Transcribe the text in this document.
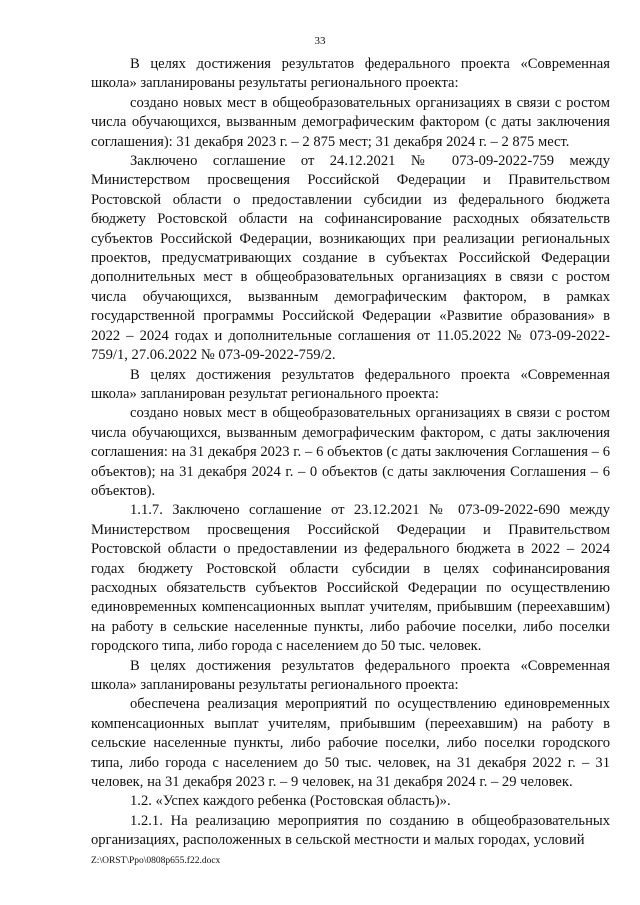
33

В целях достижения результатов федерального проекта «Современная школа» запланированы результаты регионального проекта:

создано новых мест в общеобразовательных организациях в связи с ростом числа обучающихся, вызванным демографическим фактором (с даты заключения соглашения): 31 декабря 2023 г. – 2 875 мест; 31 декабря 2024 г. – 2 875 мест.

Заключено соглашение от 24.12.2021 № 073-09-2022-759 между Министерством просвещения Российской Федерации и Правительством Ростовской области о предоставлении субсидии из федерального бюджета бюджету Ростовской области на софинансирование расходных обязательств субъектов Российской Федерации, возникающих при реализации региональных проектов, предусматривающих создание в субъектах Российской Федерации дополнительных мест в общеобразовательных организациях в связи с ростом числа обучающихся, вызванным демографическим фактором, в рамках государственной программы Российской Федерации «Развитие образования» в 2022 – 2024 годах и дополнительные соглашения от 11.05.2022 № 073-09-2022-759/1, 27.06.2022 № 073-09-2022-759/2.

В целях достижения результатов федерального проекта «Современная школа» запланирован результат регионального проекта:

создано новых мест в общеобразовательных организациях в связи с ростом числа обучающихся, вызванным демографическим фактором, с даты заключения соглашения: на 31 декабря 2023 г. – 6 объектов (с даты заключения Соглашения – 6 объектов); на 31 декабря 2024 г. – 0 объектов (с даты заключения Соглашения – 6 объектов).

1.1.7. Заключено соглашение от 23.12.2021 № 073-09-2022-690 между Министерством просвещения Российской Федерации и Правительством Ростовской области о предоставлении из федерального бюджета в 2022 – 2024 годах бюджету Ростовской области субсидии в целях софинансирования расходных обязательств субъектов Российской Федерации по осуществлению единовременных компенсационных выплат учителям, прибывшим (переехавшим) на работу в сельские населенные пункты, либо рабочие поселки, либо поселки городского типа, либо города с населением до 50 тыс. человек.

В целях достижения результатов федерального проекта «Современная школа» запланированы результаты регионального проекта:

обеспечена реализация мероприятий по осуществлению единовременных компенсационных выплат учителям, прибывшим (переехавшим) на работу в сельские населенные пункты, либо рабочие поселки, либо поселки городского типа, либо города с населением до 50 тыс. человек, на 31 декабря 2022 г. – 31 человек, на 31 декабря 2023 г. – 9 человек, на 31 декабря 2024 г. – 29 человек.

1.2. «Успех каждого ребенка (Ростовская область)».

1.2.1. На реализацию мероприятия по созданию в общеобразовательных организациях, расположенных в сельской местности и малых городах, условий

Z:\ORST\Ppo\0808p655.f22.docx
